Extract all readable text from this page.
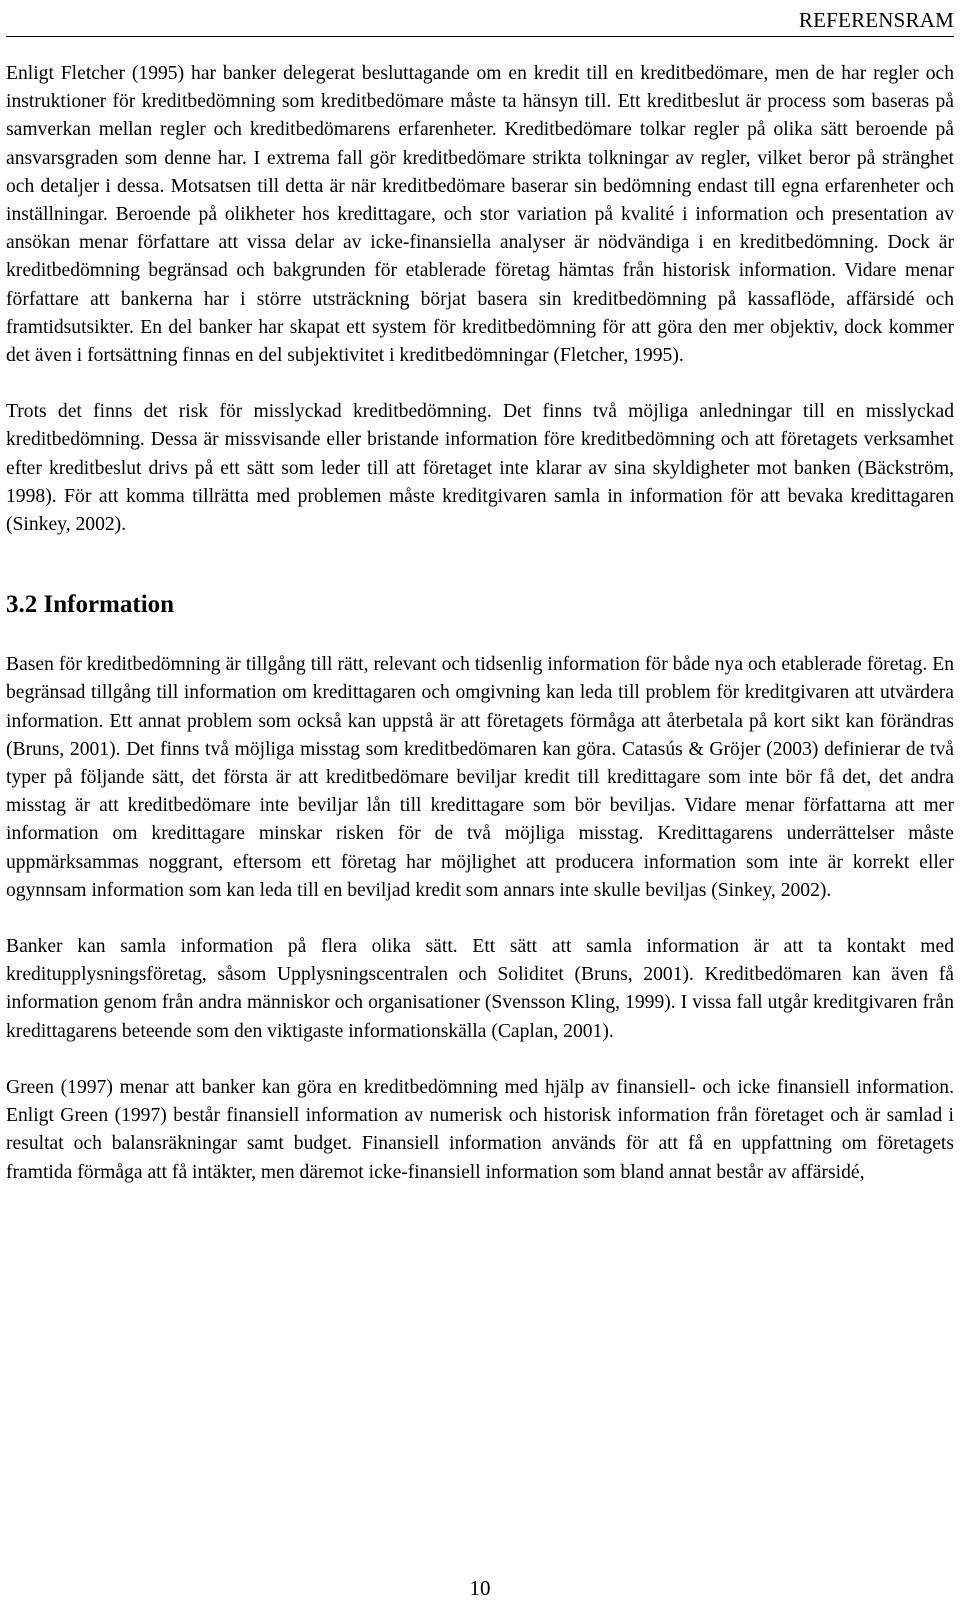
REFERENSRAM

Enligt Fletcher (1995) har banker delegerat besluttagande om en kredit till en kreditbedömare, men de har regler och instruktioner för kreditbedömning som kreditbedömare måste ta hänsyn till. Ett kreditbeslut är process som baseras på samverkan mellan regler och kreditbedömarens erfarenheter. Kreditbedömare tolkar regler på olika sätt beroende på ansvarsgraden som denne har. I extrema fall gör kreditbedömare strikta tolkningar av regler, vilket beror på stränghet och detaljer i dessa. Motsatsen till detta är när kreditbedömare baserar sin bedömning endast till egna erfarenheter och inställningar. Beroende på olikheter hos kredittagare, och stor variation på kvalité i information och presentation av ansökan menar författare att vissa delar av icke-finansiella analyser är nödvändiga i en kreditbedömning. Dock är kreditbedömning begränsad och bakgrunden för etablerade företag hämtas från historisk information. Vidare menar författare att bankerna har i större utsträckning börjat basera sin kreditbedömning på kassaflöde, affärsidé och framtidsutsikter. En del banker har skapat ett system för kreditbedömning för att göra den mer objektiv, dock kommer det även i fortsättning finnas en del subjektivitet i kreditbedömningar (Fletcher, 1995).

Trots det finns det risk för misslyckad kreditbedömning. Det finns två möjliga anledningar till en misslyckad kreditbedömning. Dessa är missvisande eller bristande information före kreditbedömning och att företagets verksamhet efter kreditbeslut drivs på ett sätt som leder till att företaget inte klarar av sina skyldigheter mot banken (Bäckström, 1998). För att komma tillrätta med problemen måste kreditgivaren samla in information för att bevaka kredittagaren (Sinkey, 2002).

3.2 Information

Basen för kreditbedömning är tillgång till rätt, relevant och tidsenlig information för både nya och etablerade företag. En begränsad tillgång till information om kredittagaren och omgivning kan leda till problem för kreditgivaren att utvärdera information. Ett annat problem som också kan uppstå är att företagets förmåga att återbetala på kort sikt kan förändras (Bruns, 2001). Det finns två möjliga misstag som kreditbedömaren kan göra. Catasús & Gröjer (2003) definierar de två typer på följande sätt, det första är att kreditbedömare beviljar kredit till kredittagare som inte bör få det, det andra misstag är att kreditbedömare inte beviljar lån till kredittagare som bör beviljas. Vidare menar författarna att mer information om kredittagare minskar risken för de två möjliga misstag. Kredittagarens underrättelser måste uppmärksammas noggrant, eftersom ett företag har möjlighet att producera information som inte är korrekt eller ogynnsam information som kan leda till en beviljad kredit som annars inte skulle beviljas (Sinkey, 2002).

Banker kan samla information på flera olika sätt. Ett sätt att samla information är att ta kontakt med kreditupplysningsföretag, såsom Upplysningscentralen och Soliditet (Bruns, 2001). Kreditbedömaren kan även få information genom från andra människor och organisationer (Svensson Kling, 1999). I vissa fall utgår kreditgivaren från kredittagarens beteende som den viktigaste informationskälla (Caplan, 2001).

Green (1997) menar att banker kan göra en kreditbedömning med hjälp av finansiell- och icke finansiell information. Enligt Green (1997) består finansiell information av numerisk och historisk information från företaget och är samlad i resultat och balansräkningar samt budget. Finansiell information används för att få en uppfattning om företagets framtida förmåga att få intäkter, men däremot icke-finansiell information som bland annat består av affärsidé,

10
